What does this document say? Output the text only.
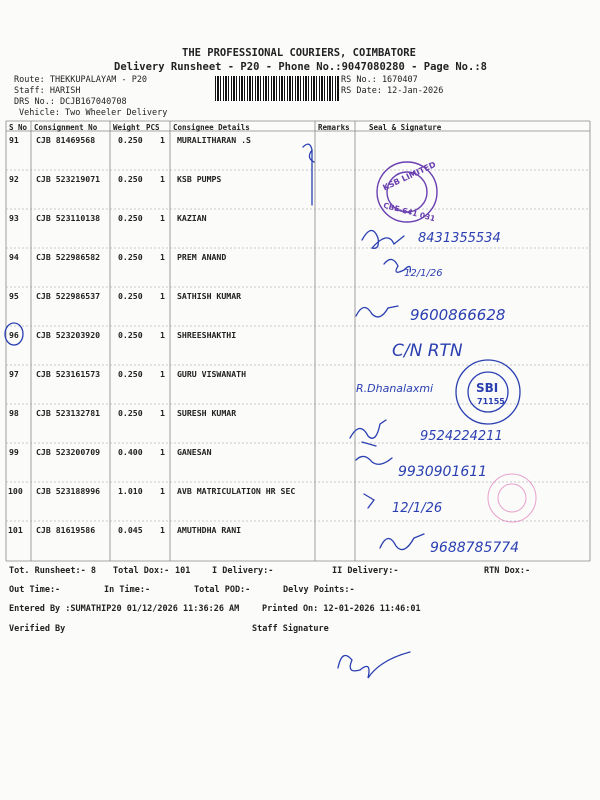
THE PROFESSIONAL COURIERS, COIMBATORE
Delivery Runsheet - P20 - Phone No.:9047080280 - Page No.:8
Route: THEKKUPALAYAM - P20
Staff: HARISH
DRS No.: DCJB167040708
Vehicle: Two Wheeler Delivery
RS No.: 1670407
RS Date: 12-Jan-2026
S No Consignment No Weight PCS Consignee Details	Remarks	Seal & Signature
91 CJB 81469568	0.250 1 MURALITHARAN .S
92 CJB 523219071 0.250 1 KSB PUMPS
93 CJB 523110138 0.250 1 KAZIAN
94 CJB 522986582 0.250 1 PREM ANAND
95 CJB 522986537 0.250 1 SATHISH KUMAR
96 CJB 523203920 0.250 1 SHREESHAKTHI
97 CJB 523161573 0.250 1 GURU VISWANATH
98 CJB 523132781 0.250 1 SURESH KUMAR
99 CJB 523200709 0.400 1 GANESAN
100 CJB 523188996 1.010 1 AVB MATRICULATION HR SEC
101 CJB 81619586	0.045 1 AMUTHDHA RANI
Tot. Runsheet:- 8 Total Dox:- 101	I Delivery:-	II Delivery:-	RTN Dox:-
Out Time:-	In Time:-	Total POD:-	Delvy Points:-
Entered By :SUMATHIP20 01/12/2026 11:36:26 AM	Printed On: 12-01-2026 11:46:01
Verified By	Staff Signature
8431355534
12/1/26
9600866628
C/N RTN
R.Dhanalaxmi
9524224211
9930901611
12/1/26
9688785774
KSB LIMITED
CBE-641 031
SBI
71155
